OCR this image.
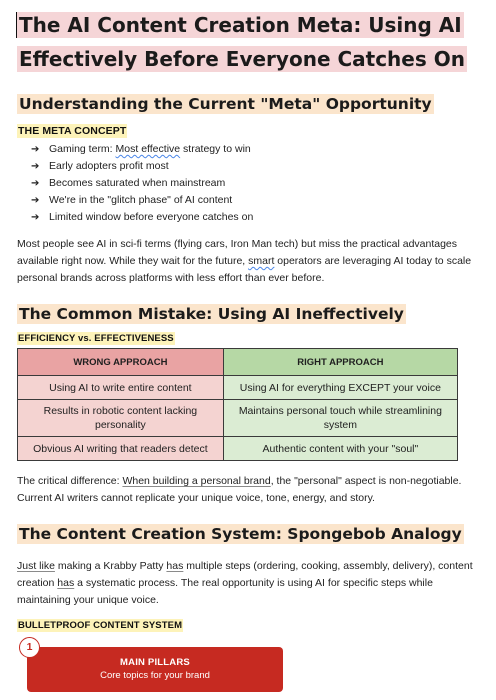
The AI Content Creation Meta: Using AI Effectively Before Everyone Catches On
Understanding the Current "Meta" Opportunity
THE META CONCEPT
➔ Gaming term: Most effective strategy to win
➔ Early adopters profit most
➔ Becomes saturated when mainstream
➔ We're in the "glitch phase" of AI content
➔ Limited window before everyone catches on
Most people see AI in sci-fi terms (flying cars, Iron Man tech) but miss the practical advantages available right now. While they wait for the future, smart operators are leveraging AI today to scale personal brands across platforms with less effort than ever before.
The Common Mistake: Using AI Ineffectively
EFFICIENCY vs. EFFECTIVENESS
WRONG APPROACH	RIGHT APPROACH
Using AI to write entire content	Using AI for everything EXCEPT your voice
Results in robotic content lacking personality	Maintains personal touch while streamlining system
Obvious AI writing that readers detect	Authentic content with your "soul"
The critical difference: When building a personal brand, the "personal" aspect is non-negotiable. Current AI writers cannot replicate your unique voice, tone, energy, and story.
The Content Creation System: Spongebob Analogy
Just like making a Krabby Patty has multiple steps (ordering, cooking, assembly, delivery), content creation has a systematic process. The real opportunity is using AI for specific steps while maintaining your unique voice.
BULLETPROOF CONTENT SYSTEM
MAIN PILLARS
Core topics for your brand
1
